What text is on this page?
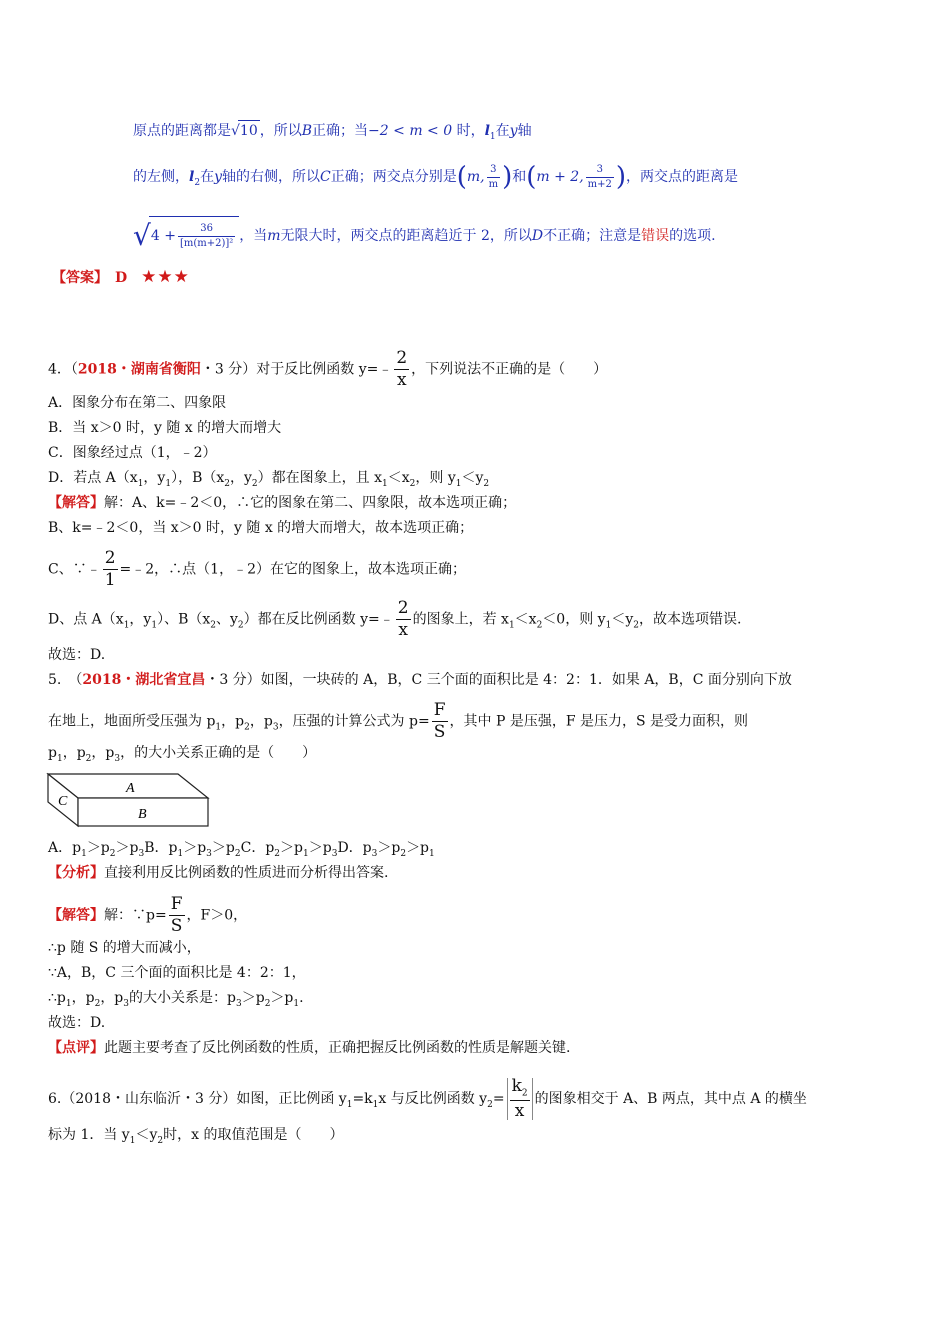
原点的距离都是√10 ，所以B正确；当−2 < m < 0 时，$l_1$在y轴
的左侧，$l_2$在y轴的右侧，所以C正确；两交点分别是(m, $\frac{3}{m}$ )和(m + 2, $\frac{3}{m+2}$ )，两交点的距离是
$√4 + \frac{36}{\text{[m(m+2)]²}}$ ，当m无限大时，两交点的距离趋近于 2，所以D不正确；注意是错误的选项.
【答案】　 D　 ★★★
4．（2018・湖南省衡阳・3 分）对于反比例函数 y=﹣ $\frac{2}{x}$ ，下列说法不正确的是（　　）
A．图象分布在第二、四象限
B．当 x＞0 时，y 随 x 的增大而增大
C．图象经过点（1，﹣2）
D．若点 $A(x_1$，$y_1$），$B(x_2$，$y_2$）都在图象上，且 $x_1<x_2$，则 $y_1<y_2$
【解答】解：A、k=﹣2＜0，∴它的图象在第二、四象限，故本选项正确；
B、k=﹣2＜0，当 x＞0 时，y 随 x 的增大而增大，故本选项正确；
C、∵﹣ $\frac{2}{1}$ =﹣2，∴点（1，﹣2）在它的图象上，故本选项正确；
D、点 $A(x_1$，$y_1$）、$B(x_2$、$y_2$）都在反比例函数 y=﹣ $\frac{2}{x}$ 的图象上，若 $x_1<x_2<0$，则 $y_1<y_2$，故本选项错误.
故选：D.
5.　（2018・湖北省宜昌・3 分）如图，一块砖的 A，B，C 三个面的面积比是 4：2：1．如果 A，B，C 面分别向下放
在地上，地面所受压强为 $p_1$，$p_2$，$p_3$，压强的计算公式为 $p= \frac{F}{S}$ ，其中 P 是压强，F 是压力，S 是受力面积，则
$p_1$，$p_2$，$p_3$，的大小关系正确的是（　　）
A
B
C
A．$p_1>p_2>p_3B$．$p_1>p_3>p_2C$．$p_2>p_1>p_3D$．$p_3>p_2>p_1$
【分析】直接利用反比例函数的性质进而分析得出答案.
【解答】解：∵p= $\frac{F}{S}$ ，F＞0，
∴p 随 S 的增大而减小，
∵A，B，C 三个面的面积比是 4：2：1，
$\therefore p_1$，$p_2$，$p_3$的大小关系是：$p_3>p_2>p_1$.
故选：D.
【点评】此题主要考查了反比例函数的性质，正确把握反比例函数的性质是解题关键.
6.（2018・山东临沂・3 分）如图，正比例函 $y_1=k_1x$ 与反比例函数 $y_2= \frac{k_2}{x}$ 的图象相交于 A、B 两点，其中点 A 的横坐
标为 1．当 $y_1<y_2$时，x 的取值范围是（　　）
